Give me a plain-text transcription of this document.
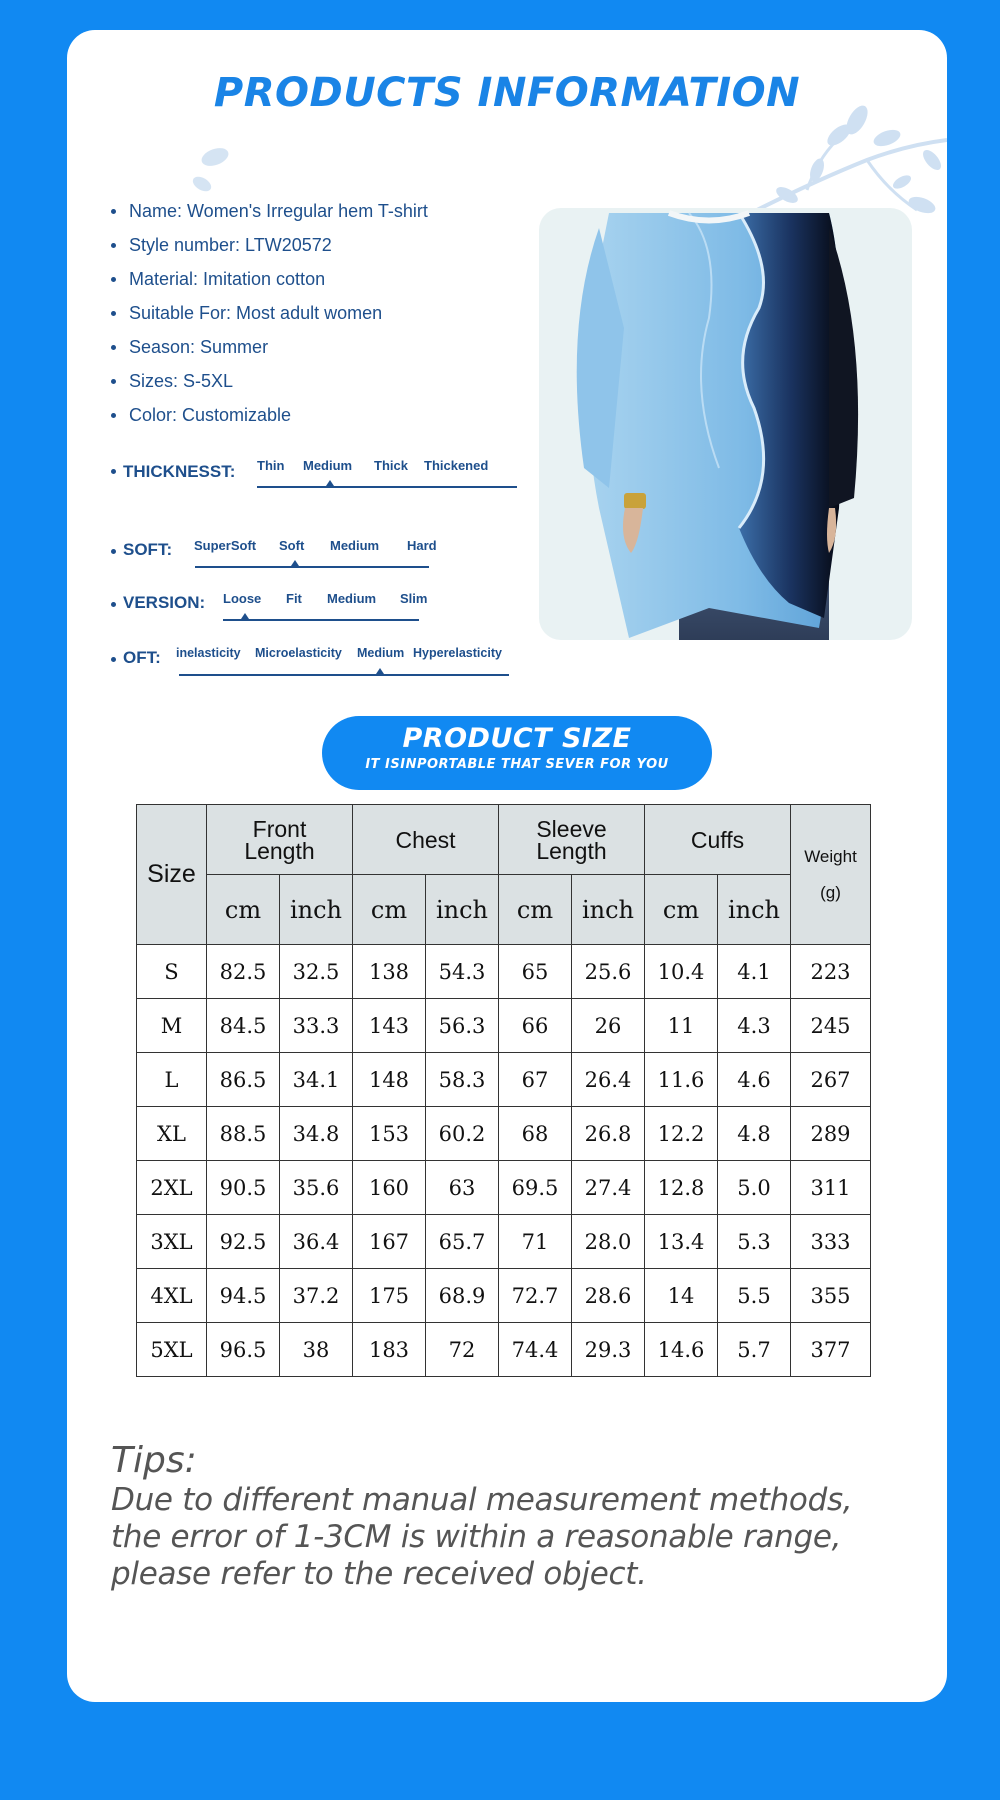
PRODUCTS INFORMATION
Name: Women's Irregular hem T-shirt
Style number: LTW20572
Material: Imitation cotton
Suitable For: Most adult women
Season: Summer
Sizes: S-5XL
Color: Customizable
THICKNESST: Thin Medium Thick Thickened
SOFT: SuperSoft Soft Medium Hard
VERSION: Loose Fit Medium Slim
OFT: inelasticity Microelasticity Medium Hyperelasticity
PRODUCT SIZE
IT ISINPORTABLE THAT SEVER FOR YOU
Size	Front Length		Chest		Sleeve Length		Cuffs		Weight
(g)

	cm	inch	cm	inch	cm	inch	cm	inch	
S	82.5	32.5	138	54.3	65	25.6	10.4	4.1	223
M	84.5	33.3	143	56.3	66	26	11	4.3	245
L	86.5	34.1	148	58.3	67	26.4	11.6	4.6	267
XL	88.5	34.8	153	60.2	68	26.8	12.2	4.8	289
2XL	90.5	35.6	160	63	69.5	27.4	12.8	5.0	311
3XL	92.5	36.4	167	65.7	71	28.0	13.4	5.3	333
4XL	94.5	37.2	175	68.9	72.7	28.6	14	5.5	355
5XL	96.5	38	183	72	74.4	29.3	14.6	5.7	377
Tips:
Due to different manual measurement methods,
the error of 1-3CM is within a reasonable range,
please refer to the received object.
